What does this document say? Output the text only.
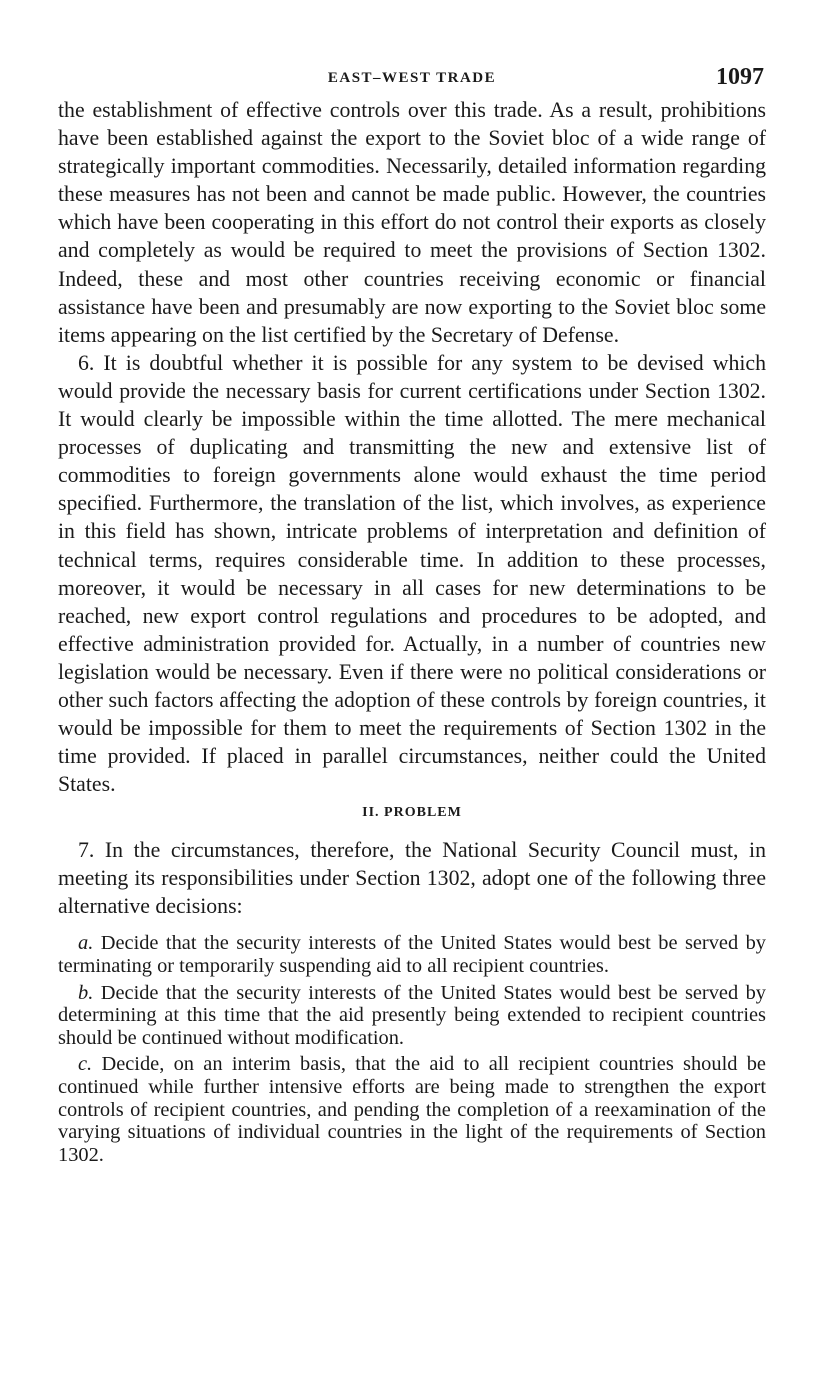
EAST–WEST TRADE	1097

the establishment of effective controls over this trade. As a result, prohibitions have been established against the export to the Soviet bloc of a wide range of strategically important commodities. Necessarily, detailed information regarding these measures has not been and cannot be made public. However, the countries which have been cooperating in this effort do not control their exports as closely and completely as would be required to meet the provisions of Section 1302. Indeed, these and most other countries receiving economic or financial assistance have been and presumably are now exporting to the Soviet bloc some items appearing on the list certified by the Secretary of Defense.

6. It is doubtful whether it is possible for any system to be devised which would provide the necessary basis for current certifications under Section 1302. It would clearly be impossible within the time allotted. The mere mechanical processes of duplicating and transmitting the new and extensive list of commodities to foreign governments alone would exhaust the time period specified. Furthermore, the translation of the list, which involves, as experience in this field has shown, intricate problems of interpretation and definition of technical terms, requires considerable time. In addition to these processes, moreover, it would be necessary in all cases for new determinations to be reached, new export control regulations and procedures to be adopted, and effective administration provided for. Actually, in a number of countries new legislation would be necessary. Even if there were no political considerations or other such factors affecting the adoption of these controls by foreign countries, it would be impossible for them to meet the requirements of Section 1302 in the time provided. If placed in parallel circumstances, neither could the United States.

II. PROBLEM

7. In the circumstances, therefore, the National Security Council must, in meeting its responsibilities under Section 1302, adopt one of the following three alternative decisions:

a. Decide that the security interests of the United States would best be served by terminating or temporarily suspending aid to all recipient countries.

b. Decide that the security interests of the United States would best be served by determining at this time that the aid presently being extended to recipient countries should be continued without modification.

c. Decide, on an interim basis, that the aid to all recipient countries should be continued while further intensive efforts are being made to strengthen the export controls of recipient countries, and pending the completion of a reexamination of the varying situations of individual countries in the light of the requirements of Section 1302.
